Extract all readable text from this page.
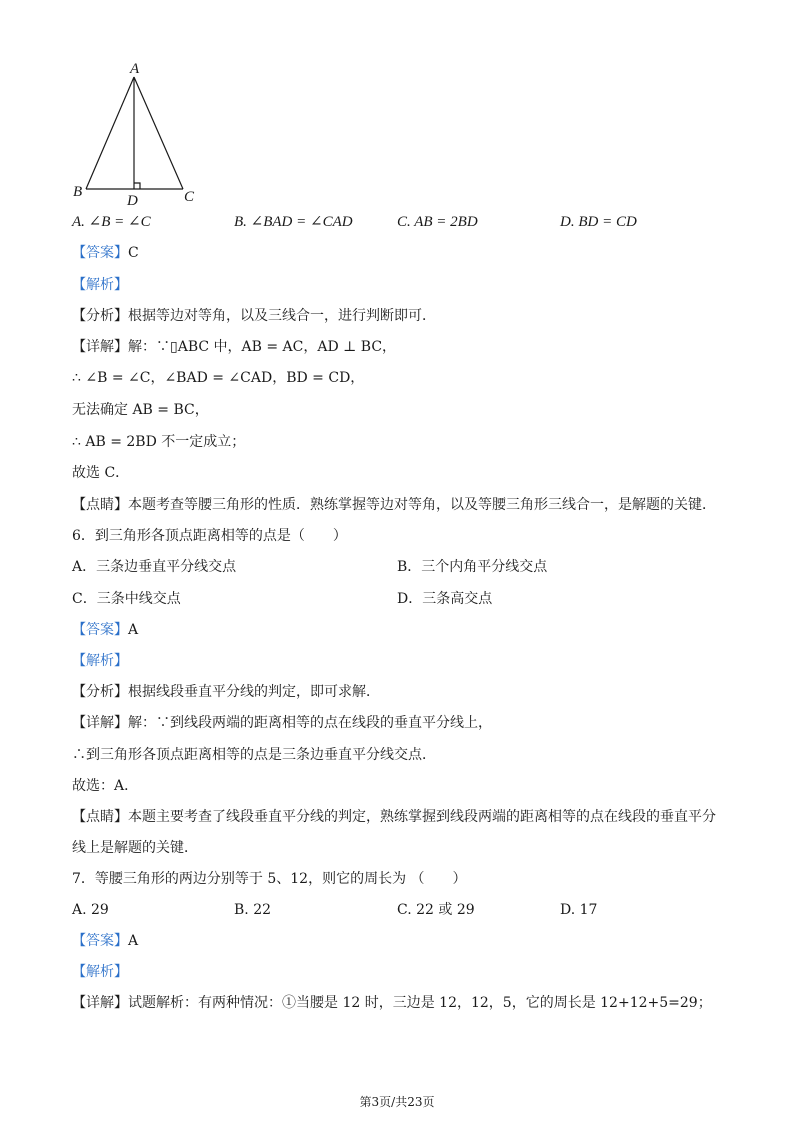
A
B	C
D
A. ∠B = ∠C	B. ∠BAD = ∠CAD	C. AB = 2BD	D. BD = CD
【答案】C
【解析】
【分析】根据等边对等角，以及三线合一，进行判断即可．
【详解】解：∵▯ABC 中，AB = AC，AD ⊥ BC，
∴ ∠B = ∠C，∠BAD = ∠CAD，BD = CD，
无法确定 AB = BC，
∴ AB = 2BD 不一定成立；
故选 C．
【点睛】本题考查等腰三角形的性质．熟练掌握等边对等角，以及等腰三角形三线合一，是解题的关键．
6．到三角形各顶点距离相等的点是（　　）
A．三条边垂直平分线交点	B．三个内角平分线交点
C．三条中线交点	D．三条高交点
【答案】A
【解析】
【分析】根据线段垂直平分线的判定，即可求解．
【详解】解：∵到线段两端的距离相等的点在线段的垂直平分线上，
∴到三角形各顶点距离相等的点是三条边垂直平分线交点．
故选：A．
【点睛】本题主要考查了线段垂直平分线的判定，熟练掌握到线段两端的距离相等的点在线段的垂直平分
线上是解题的关键．
7．等腰三角形的两边分别等于 5、12，则它的周长为 （　　）
A. 29	B. 22	C. 22 或 29	D. 17
【答案】A
【解析】
【详解】试题解析：有两种情况：①当腰是 12 时，三边是 12，12，5，它的周长是 12+12+5=29；
第3页/共23页
